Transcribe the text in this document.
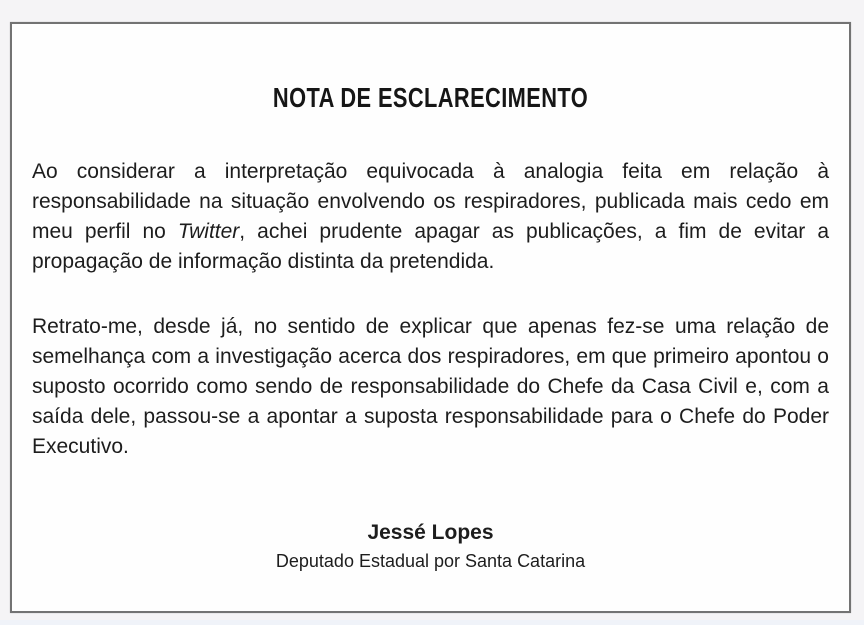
NOTA DE ESCLARECIMENTO

Ao considerar a interpretação equivocada à analogia feita em relação à responsabilidade na situação envolvendo os respiradores, publicada mais cedo em meu perfil no Twitter, achei prudente apagar as publicações, a fim de evitar a propagação de informação distinta da pretendida.

Retrato-me, desde já, no sentido de explicar que apenas fez-se uma relação de semelhança com a investigação acerca dos respiradores, em que primeiro apontou o suposto ocorrido como sendo de responsabilidade do Chefe da Casa Civil e, com a saída dele, passou-se a apontar a suposta responsabilidade para o Chefe do Poder Executivo.

Jessé Lopes
Deputado Estadual por Santa Catarina
